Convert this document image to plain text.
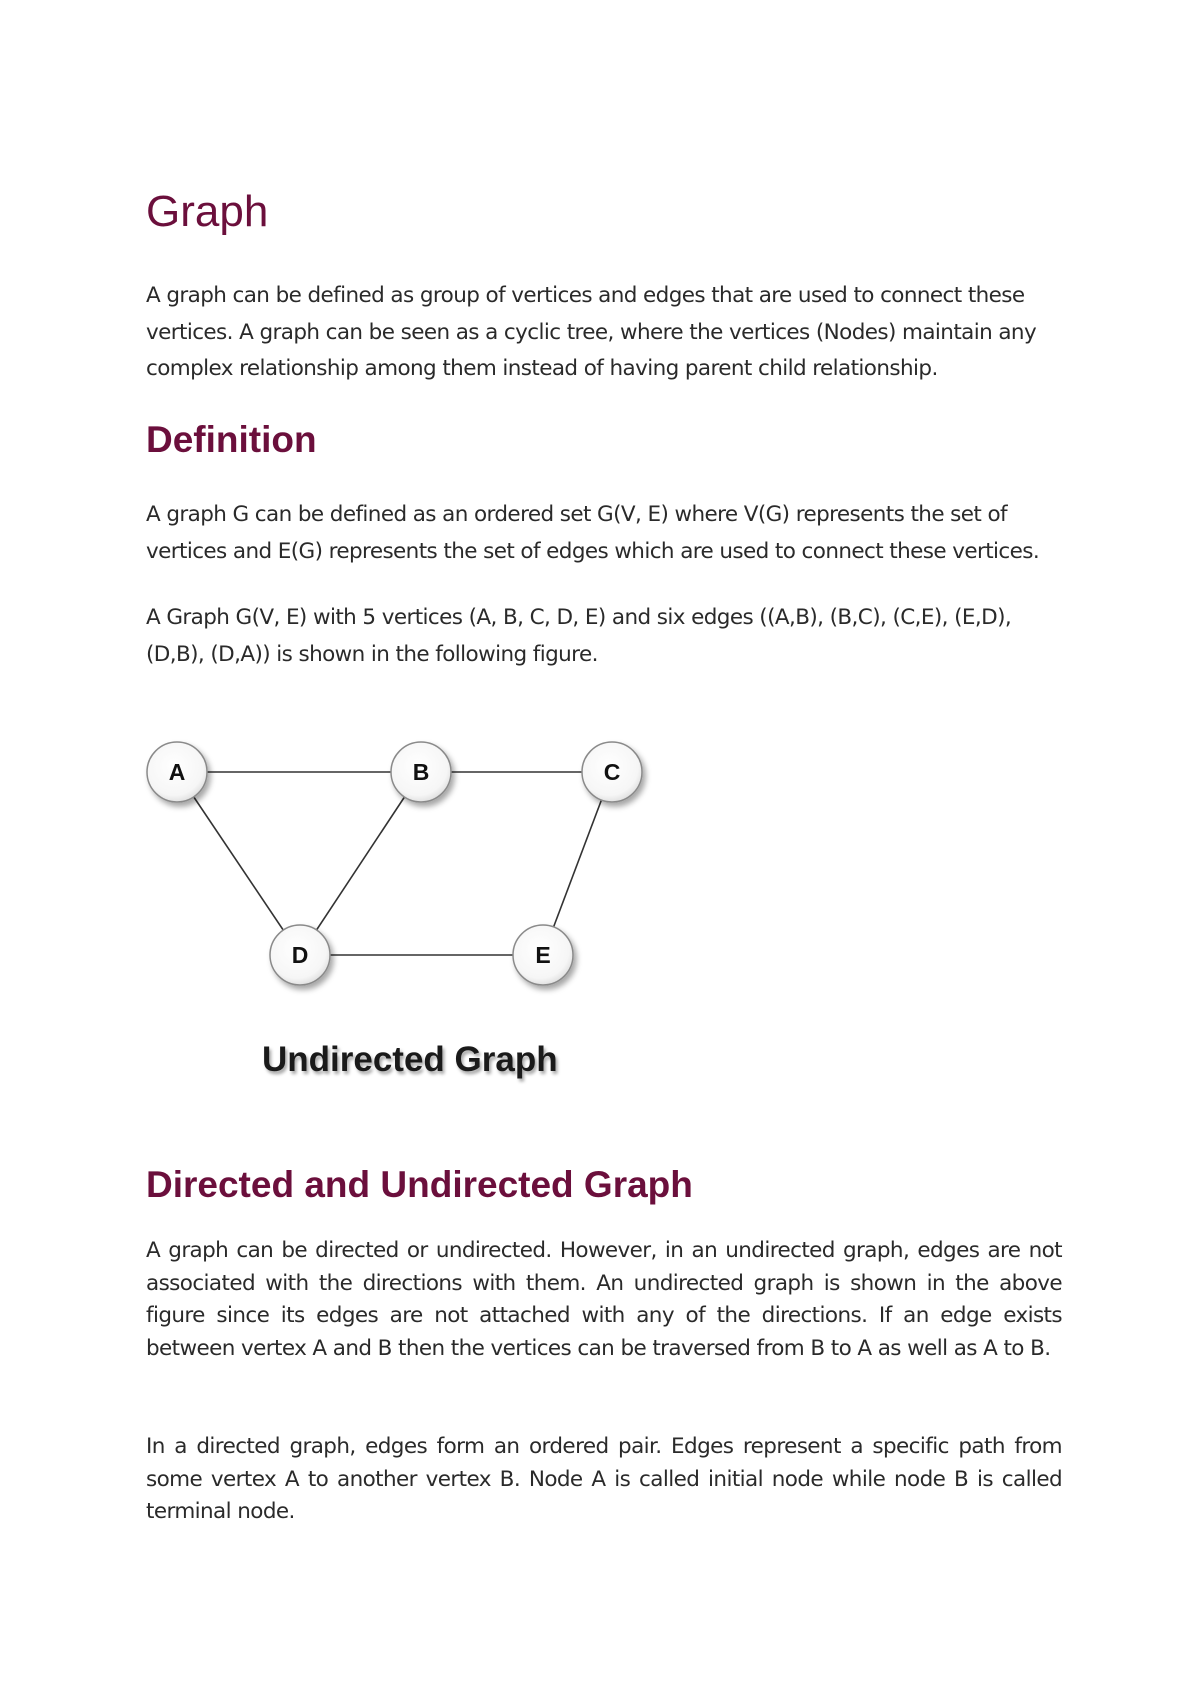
Graph

A graph can be defined as group of vertices and edges that are used to connect these vertices. A graph can be seen as a cyclic tree, where the vertices (Nodes) maintain any complex relationship among them instead of having parent child relationship.

Definition

A graph G can be defined as an ordered set G(V, E) where V(G) represents the set of vertices and E(G) represents the set of edges which are used to connect these vertices.

A Graph G(V, E) with 5 vertices (A, B, C, D, E) and six edges ((A,B), (B,C), (C,E), (E,D), (D,B), (D,A)) is shown in the following figure.

A	B	C
D	E

Undirected Graph

Directed and Undirected Graph

A graph can be directed or undirected. However, in an undirected graph, edges are not associated with the directions with them. An undirected graph is shown in the above figure since its edges are not attached with any of the directions. If an edge exists between vertex A and B then the vertices can be traversed from B to A as well as A to B.

In a directed graph, edges form an ordered pair. Edges represent a specific path from some vertex A to another vertex B. Node A is called initial node while node B is called terminal node.
